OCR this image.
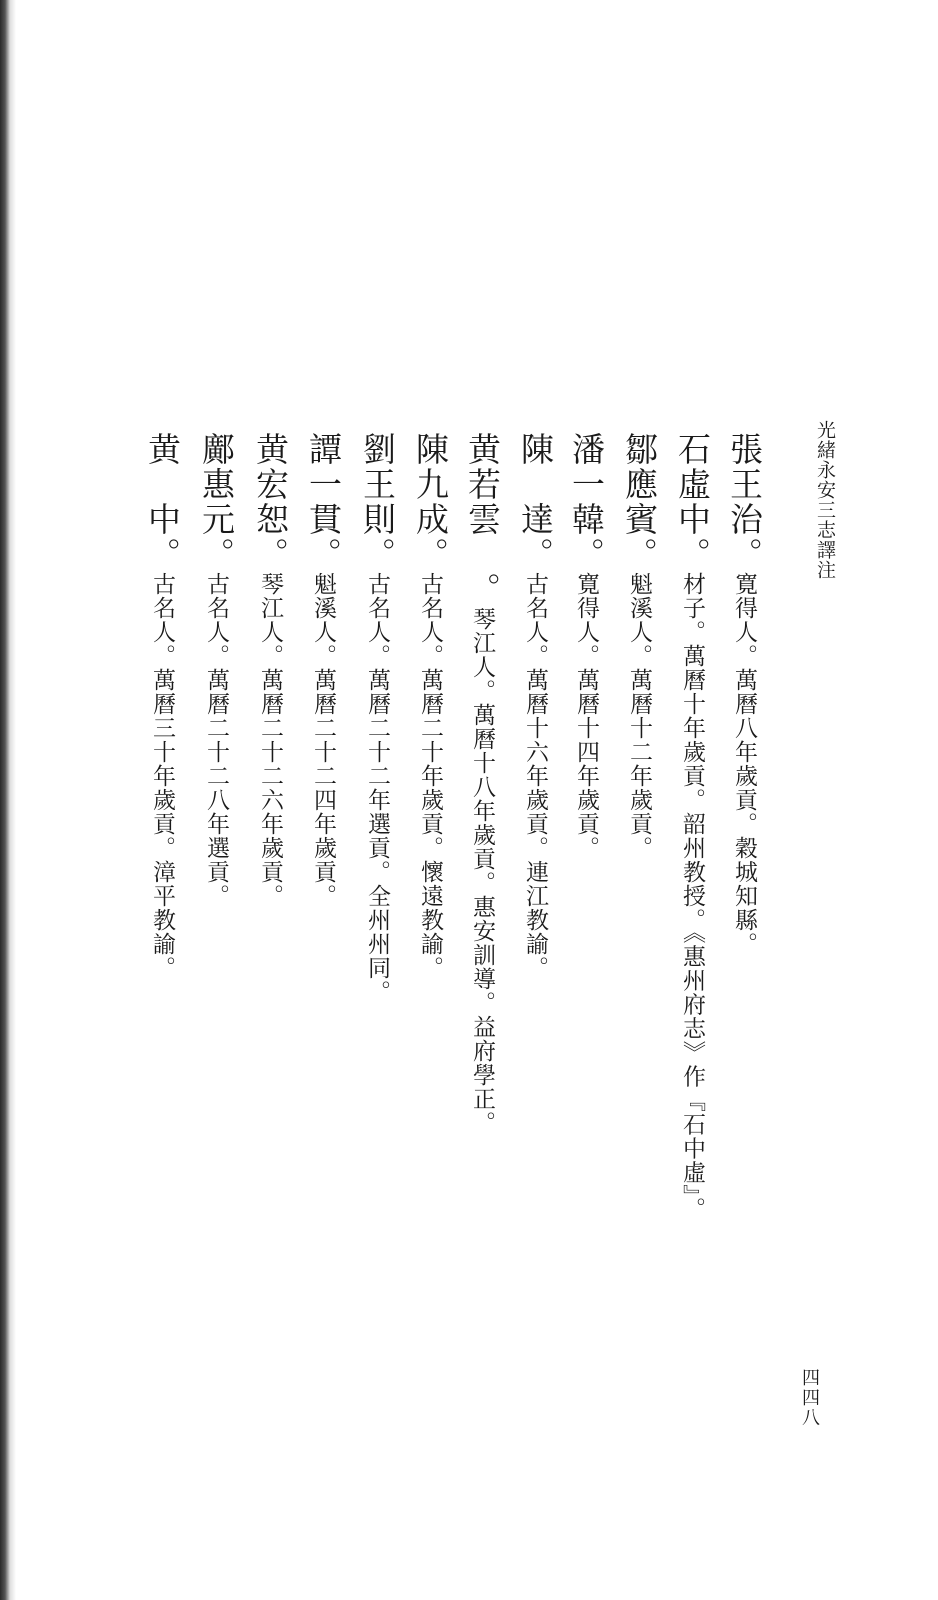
光緒永安三志譯注
四四八
張王治。寛得人。萬曆八年歲貢。穀城知縣。
石虛中。材子。萬曆十年歲貢。韶州教授。《惠州府志》作『石中虛』。
鄒應賓。魁溪人。萬曆十二年歲貢。
潘一韓。寛得人。萬曆十四年歲貢。
陳　達。古名人。萬曆十六年歲貢。連江教諭。
黄若雲　。琴江人。萬曆十八年歲貢。惠安訓導。益府學正。
陳九成。古名人。萬曆二十年歲貢。懷遠教諭。
劉王則。古名人。萬曆二十二年選貢。全州州同。
譚一貫。魁溪人。萬曆二十二四年歲貢。
黄宏恕。琴江人。萬曆二十二六年歲貢。
鄺惠元。古名人。萬曆二十二八年選貢。
黄　中。古名人。萬曆三十年歲貢。漳平教諭。
